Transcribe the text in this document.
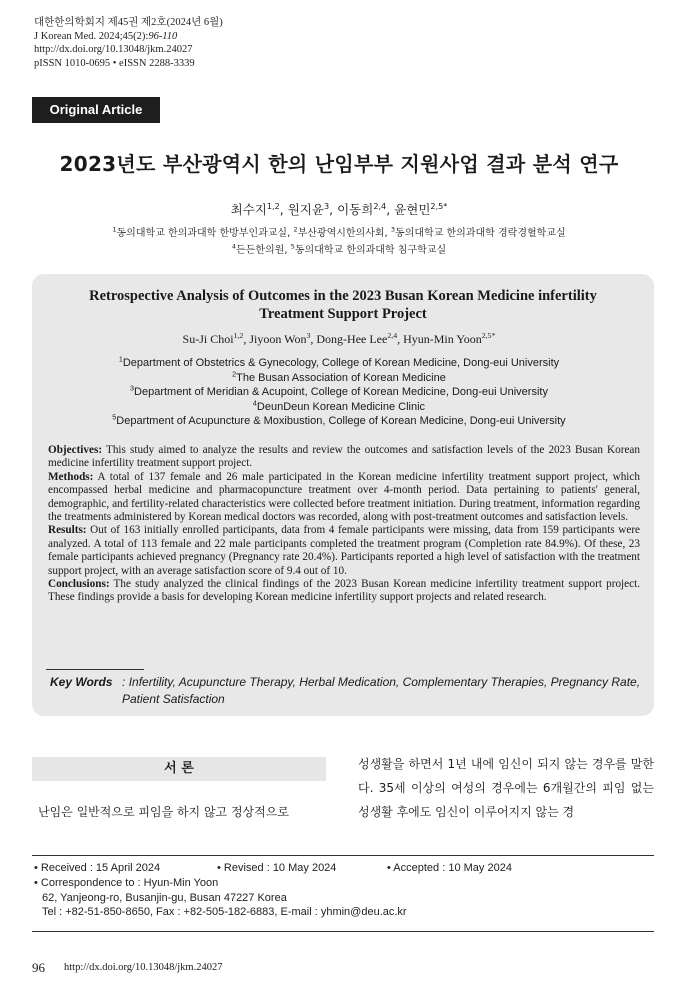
대한한의학회지 제45권 제2호(2024년 6월)
J Korean Med. 2024;45(2):96-110
http://dx.doi.org/10.13048/jkm.24027
pISSN 1010-0695 • eISSN 2288-3339
Original Article
2023년도 부산광역시 한의 난임부부 지원사업 결과 분석 연구
최수지$^{1,2}$, 원지윤$^3$, 이동희$^{2,4}$, 윤현민$^{2,5*}$
$^1$동의대학교 한의과대학 한방부인과교실, $^2$부산광역시한의사회, $^3$동의대학교 한의과대학 경락경혈학교실
$^4$든든한의원, $^5$동의대학교 한의과대학 침구학교실
Retrospective Analysis of Outcomes in the 2023 Busan Korean Medicine infertility Treatment Support Project
Su-Ji Choi$^{1,2}$, Jiyoon Won$^3$, Dong-Hee Lee$^{2,4}$, Hyun-Min Yoon$^{2,5*}$
$^1$Department of Obstetrics & Gynecology, College of Korean Medicine, Dong-eui University
$^2$The Busan Association of Korean Medicine
$^3$Department of Meridian & Acupoint, College of Korean Medicine, Dong-eui University
$^4$DeunDeun Korean Medicine Clinic
$^5$Department of Acupuncture & Moxibustion, College of Korean Medicine, Dong-eui University

Objectives: This study aimed to analyze the results and review the outcomes and satisfaction levels of the 2023 Busan Korean medicine infertility treatment support project.

Methods: A total of 137 female and 26 male participated in the Korean medicine infertility treatment support project, which encompassed herbal medicine and pharmacopuncture treatment over 4-month period. Data pertaining to patients' general, demographic, and fertility-related characteristics were collected before treatment initiation. During treatment, information regarding the treatments administered by Korean medical doctors was recorded, along with post-treatment outcomes and satisfaction levels.

Results: Out of 163 initially enrolled participants, data from 4 female participants were missing, data from 159 participants were analyzed. A total of 113 female and 22 male participants completed the treatment program (Completion rate 84.9%). Of these, 23 female participants achieved pregnancy (Pregnancy rate 20.4%). Participants reported a high level of satisfaction with the treatment support project, with an average satisfaction score of 9.4 out of 10.

Conclusions: The study analyzed the clinical findings of the 2023 Busan Korean medicine infertility treatment support project. These findings provide a basis for developing Korean medicine infertility support projects and related research.

Key Words : Infertility, Acupuncture Therapy, Herbal Medication, Complementary Therapies, Pregnancy Rate, Patient Satisfaction
서 론
난임은 일반적으로 피임을 하지 않고 정상적으로
성생활을 하면서 1년 내에 임신이 되지 않는 경우를 말한다. 35세 이상의 여성의 경우에는 6개월간의 피임 없는 성생활 후에도 임신이 이루어지지 않는 경
• Received : 15 April 2024	• Revised : 10 May 2024	• Accepted : 10 May 2024
• Correspondence to : Hyun-Min Yoon
62, Yanjeong-ro, Busanjin-gu, Busan 47227 Korea
Tel : +82-51-850-8650, Fax : +82-505-182-6883, E-mail : yhmin@deu.ac.kr
96 http://dx.doi.org/10.13048/jkm.24027
